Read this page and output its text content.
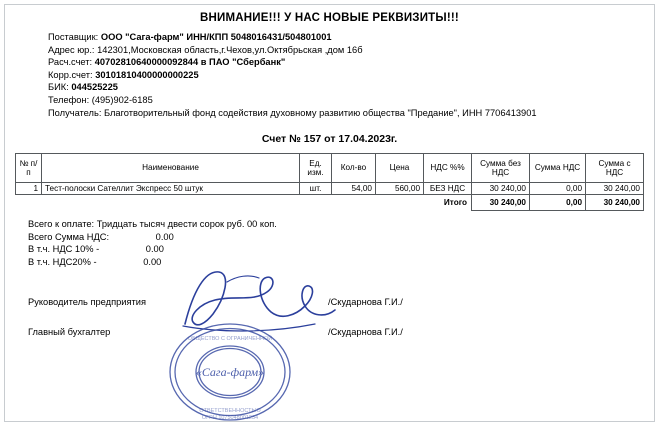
ВНИМАНИЕ!!! У НАС НОВЫЕ РЕКВИЗИТЫ!!!
Поставщик: ООО "Сага-фарм" ИНН/КПП 5048016431/504801001
Адрес юр.: 142301,Московская область,г.Чехов,ул.Октябрьская ,дом 16б
Расч.счет: 40702810640000092844 в ПАО "Сбербанк"
Корр.счет: 30101810400000000225
БИК: 044525225
Телефон: (495)902-6185
Получатель: Благотворительный фонд содействия духовному развитию общества "Предание", ИНН 7706413901
Счет № 157 от 17.04.2023г.
№ п/п	Наименование	Ед. изм.	Кол-во	Цена	НДС %%	Сумма без НДС	Сумма НДС	Сумма с НДС
1	Тест-полоски Сателлит Экспресс 50 штук	шт.	54,00	560,00	БЕЗ НДС	30 240,00	0,00	30 240,00
Итого						30 240,00	0,00	30 240,00
Всего к оплате: Тридцать тысяч двести сорок руб. 00 коп.
Всего Сумма НДС:	0.00
В т.ч. НДС 10% -	0.00
В т.ч. НДС20% -	0.00
Руководитель предприятия	/Скударнова Г.И./
Главный бухгалтер	/Скударнова Г.И./
«Сага-фарм»
ОБЩЕСТВО С ОГРАНИЧЕННОЙ
ОТВЕТСТВЕННОСТЬЮ
ОГРН 1075048001234
